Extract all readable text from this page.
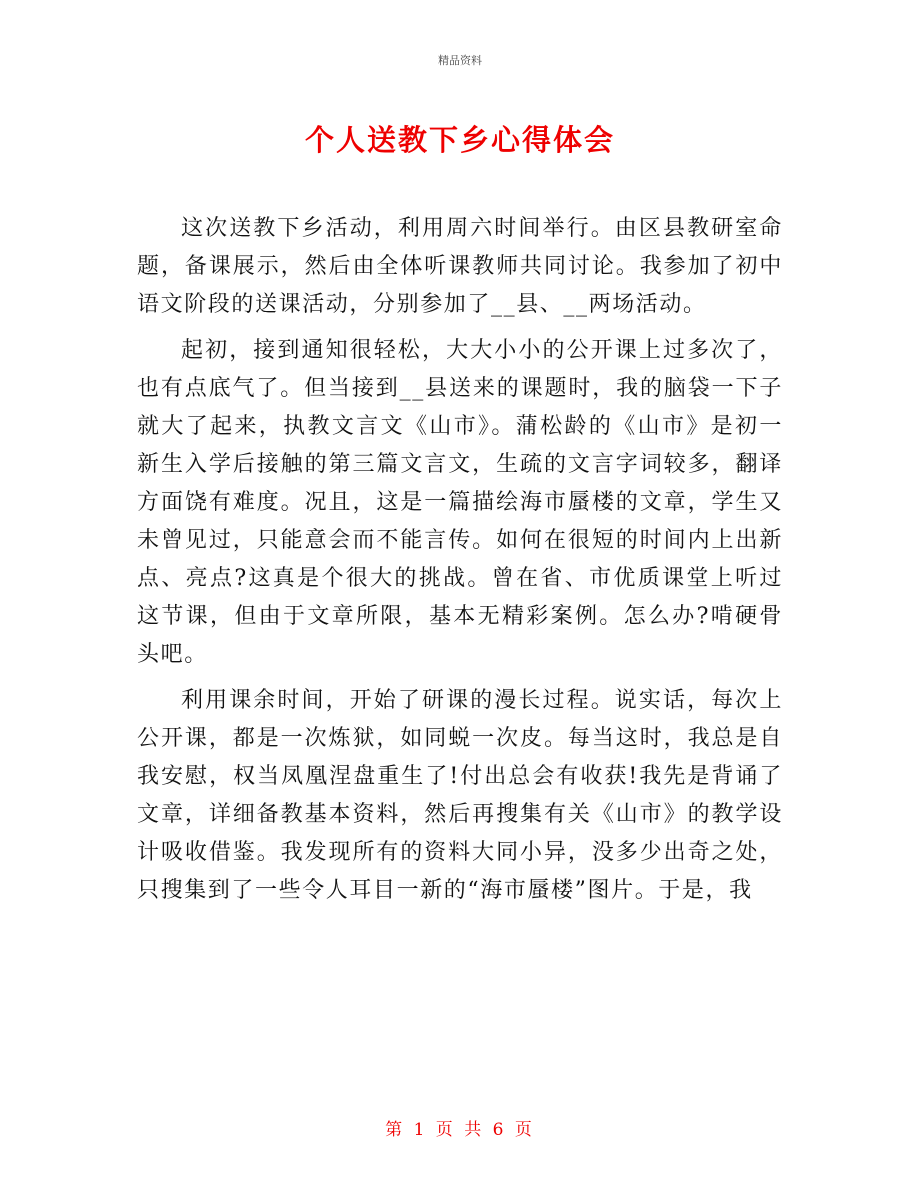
精品资料
个人送教下乡心得体会

这次送教下乡活动，利用周六时间举行。由区县教研室命题，备课展示，然后由全体听课教师共同讨论。我参加了初中语文阶段的送课活动，分别参加了__县、__两场活动。

起初，接到通知很轻松，大大小小的公开课上过多次了，也有点底气了。但当接到__县送来的课题时，我的脑袋一下子就大了起来，执教文言文《山市》。蒲松龄的《山市》是初一新生入学后接触的第三篇文言文，生疏的文言字词较多，翻译方面饶有难度。况且，这是一篇描绘海市蜃楼的文章，学生又未曾见过，只能意会而不能言传。如何在很短的时间内上出新点、亮点?这真是个很大的挑战。曾在省、市优质课堂上听过这节课，但由于文章所限，基本无精彩案例。怎么办?啃硬骨头吧。

利用课余时间，开始了研课的漫长过程。说实话，每次上公开课，都是一次炼狱，如同蜕一次皮。每当这时，我总是自我安慰，权当凤凰涅盘重生了!付出总会有收获!我先是背诵了文章，详细备教基本资料，然后再搜集有关《山市》的教学设计吸收借鉴。我发现所有的资料大同小异，没多少出奇之处，只搜集到了一些令人耳目一新的“海市蜃楼”图片。于是，我

第 1 页 共 6 页
